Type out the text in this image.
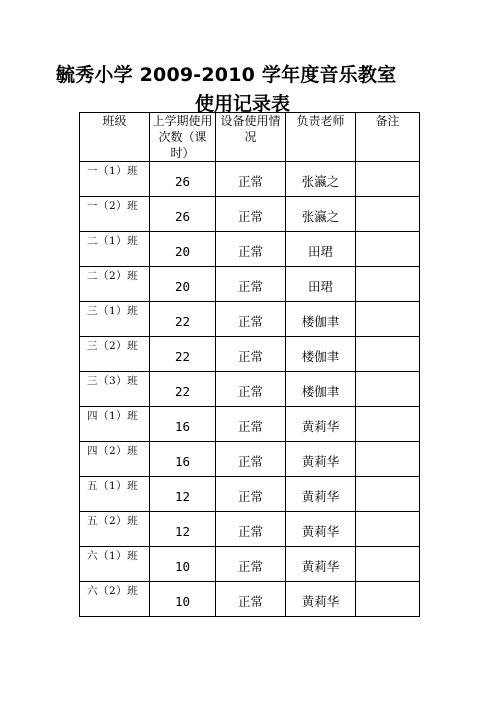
毓秀小学 2009-2010 学年度音乐教室
使用记录表
班级	上学期使用次数（课时）	设备使用情况	负责老师	备注
一（1）班	26	正常	张瀛之	
一（2）班	26	正常	张瀛之	
二（1）班	20	正常	田珺	
二（2）班	20	正常	田珺	
三（1）班	22	正常	楼伽聿	
三（2）班	22	正常	楼伽聿	
三（3）班	22	正常	楼伽聿	
四（1）班	16	正常	黄莉华	
四（2）班	16	正常	黄莉华	
五（1）班	12	正常	黄莉华	
五（2）班	12	正常	黄莉华	
六（1）班	10	正常	黄莉华	
六（2）班	10	正常	黄莉华	
